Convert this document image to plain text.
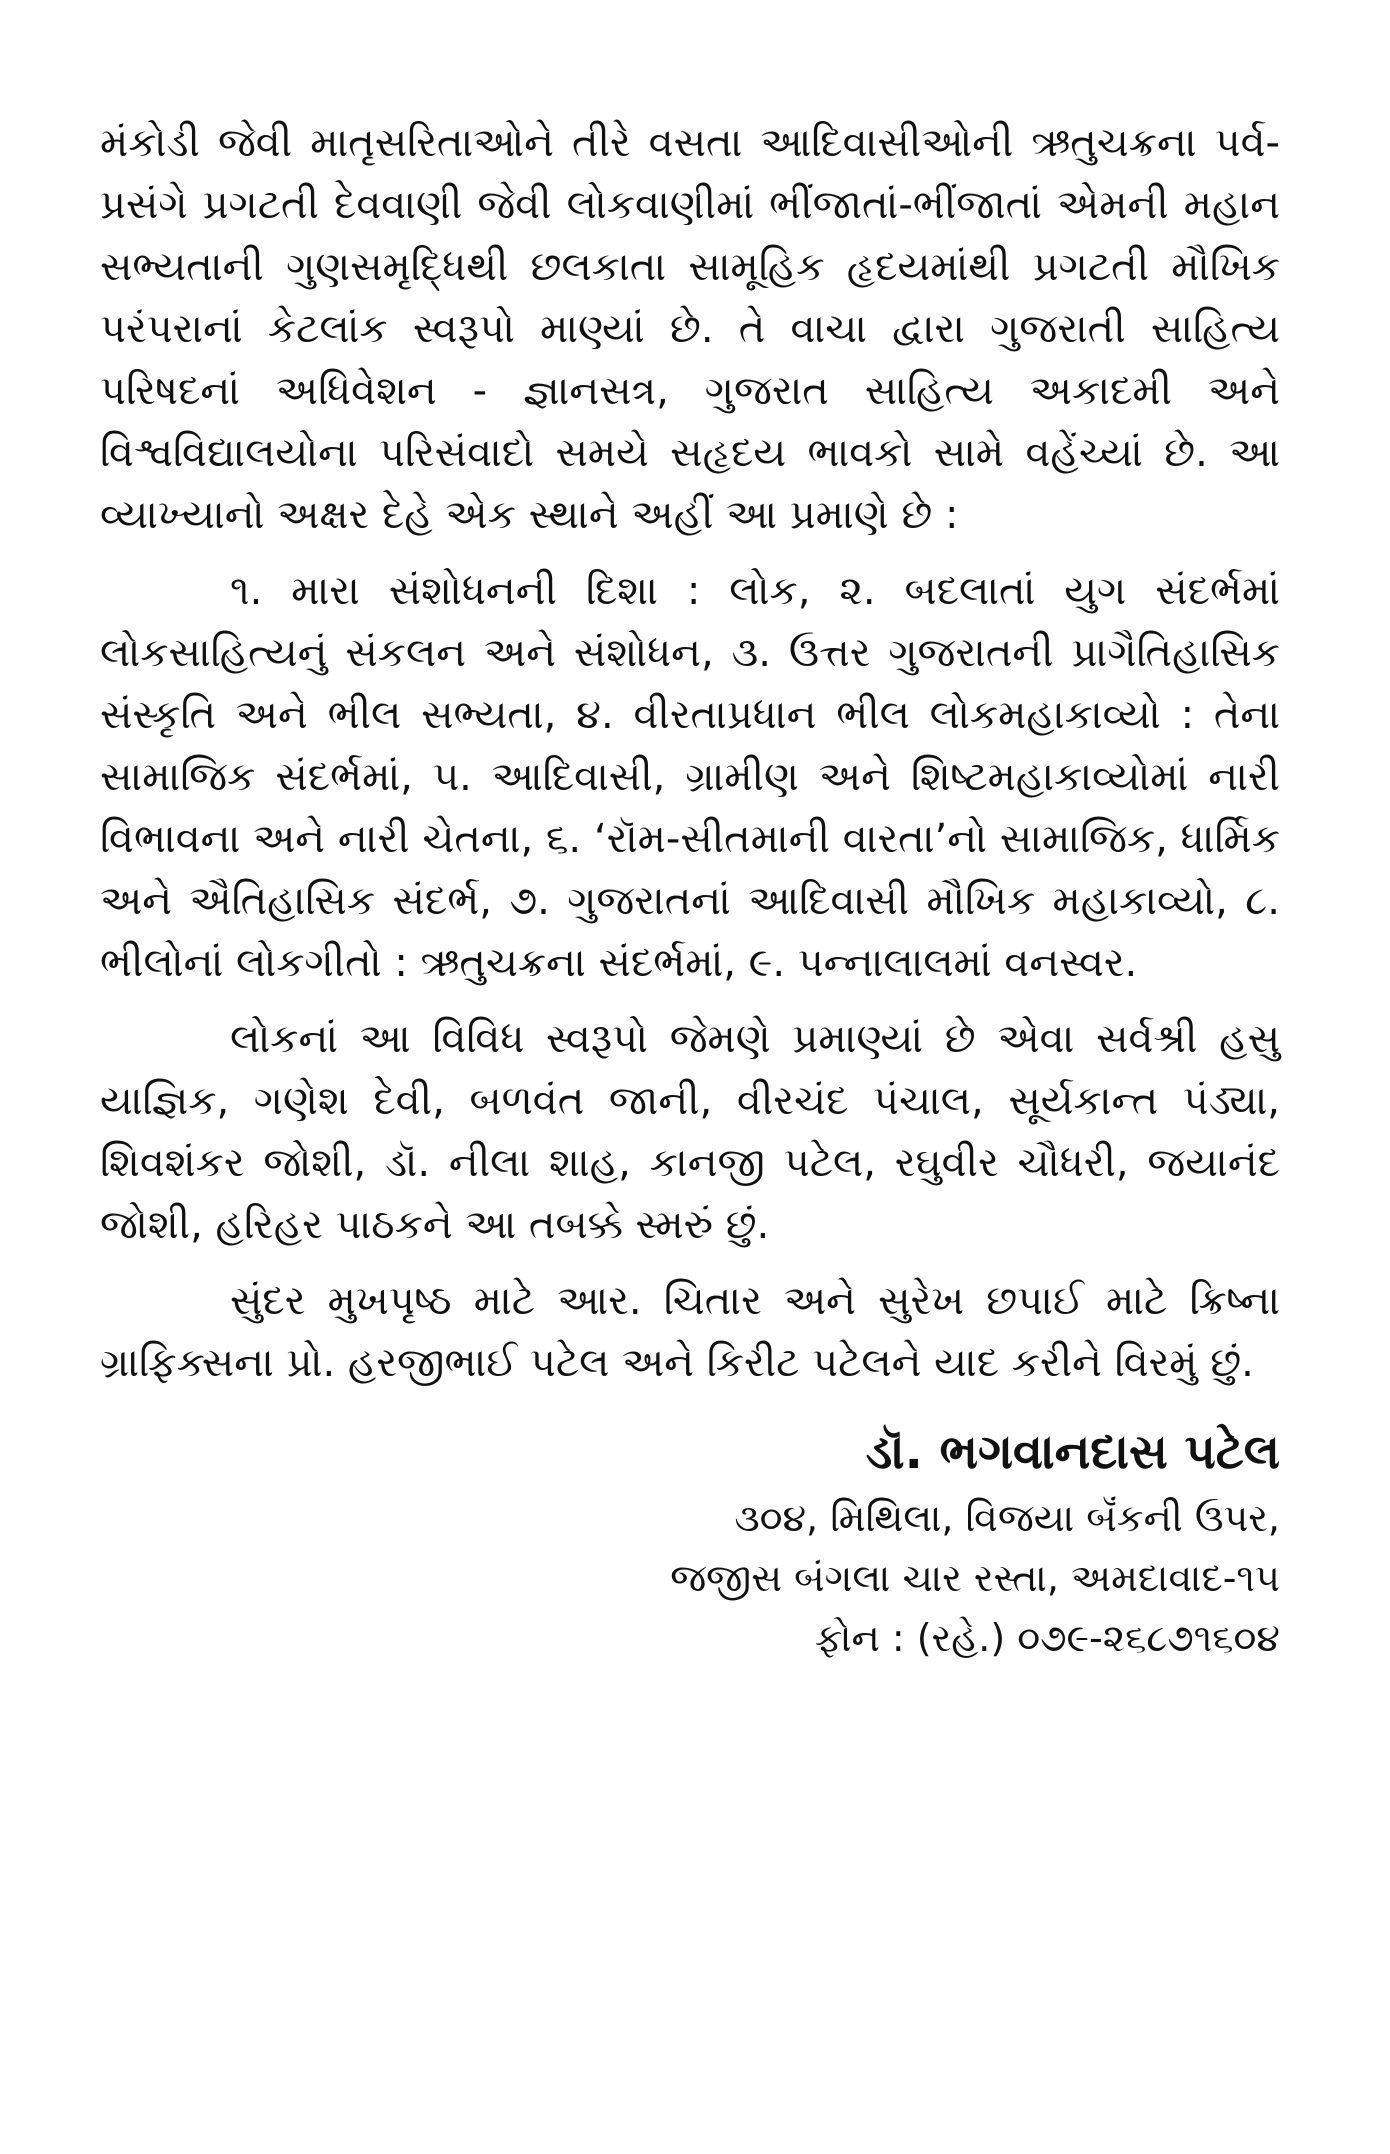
મંકોડી જેવી માતૃસરિતાઓને તીરે વસતા આદિવાસીઓની ઋતુચક્રના પર્વ-પ્રસંગે પ્રગટતી દેવવાણી જેવી લોકવાણીમાં ભીંજાતાં-ભીંજાતાં એમની મહાન સભ્યતાની ગુણસમૃદ્ધિથી છલકાતા સામૂહિક હૃદયમાંથી પ્રગટતી મૌખિક પરંપરાનાં કેટલાંક સ્વરૂપો માણ્યાં છે. તે વાચા દ્વારા ગુજરાતી સાહિત્ય પરિષદનાં અધિવેશન - જ્ઞાનસત્ર, ગુજરાત સાહિત્ય અકાદમી અને વિશ્વવિદ્યાલયોના પરિસંવાદો સમયે સહૃદય ભાવકો સામે વહેંચ્યાં છે. આ વ્યાખ્યાનો અક્ષર દેહે એક સ્થાને અહીં આ પ્રમાણે છે :

૧. મારા સંશોધનની દિશા : લોક, ૨. બદલાતાં યુગ સંદર્ભમાં લોકસાહિત્યનું સંકલન અને સંશોધન, ૩. ઉત્તર ગુજરાતની પ્રાગૈતિહાસિક સંસ્કૃતિ અને ભીલ સભ્યતા, ૪. વીરતાપ્રધાન ભીલ લોકમહાકાવ્યો : તેના સામાજિક સંદર્ભમાં, ૫. આદિવાસી, ગ્રામીણ અને શિષ્ટમહાકાવ્યોમાં નારી વિભાવના અને નારી ચેતના, ૬. ‘રૉમ-સીતમાની વારતા’નો સામાજિક, ધાર્મિક અને ઐતિહાસિક સંદર્ભ, ૭. ગુજરાતનાં આદિવાસી મૌખિક મહાકાવ્યો, ૮. ભીલોનાં લોકગીતો : ઋતુચક્રના સંદર્ભમાં, ૯. પન્નાલાલમાં વનસ્વર.

લોકનાં આ વિવિધ સ્વરૂપો જેમણે પ્રમાણ્યાં છે એવા સર્વશ્રી હસુ યાજ્ઞિક, ગણેશ દેવી, બળવંત જાની, વીરચંદ પંચાલ, સૂર્યકાન્ત પંડ્યા, શિવશંકર જોશી, ડૉ. નીલા શાહ, કાનજી પટેલ, રઘુવીર ચૌધરી, જયાનંદ જોશી, હરિહર પાઠકને આ તબક્કે સ્મરું છું.

સુંદર મુખપૃષ્ઠ માટે આર. ચિતાર અને સુરેખ છપાઈ માટે ક્રિષ્ના ગ્રાફિક્સના પ્રો. હરજીભાઈ પટેલ અને કિરીટ પટેલને યાદ કરીને વિરમું છું.

ડૉ. ભગવાનદાસ પટેલ
૩૦૪, મિથિલા, વિજયા બૅંકની ઉપર,
જજીસ બંગલા ચાર રસ્તા, અમદાવાદ-૧૫
ફોન : (રહે.) ૦૭૯-૨૬૮૭૧૬૦૪
